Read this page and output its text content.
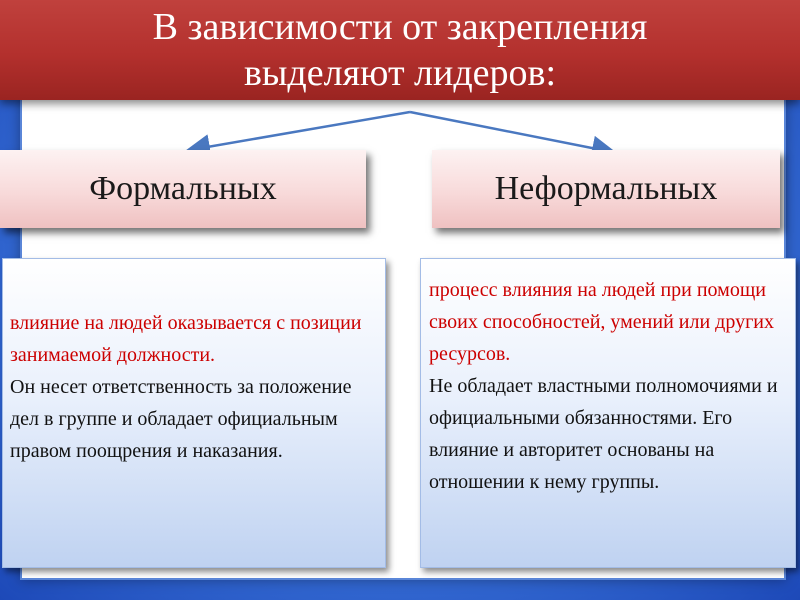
В зависимости от закрепления
выделяют лидеров:
Формальных	Неформальных
влияние на людей оказывается с позиции занимаемой должности.
Он несет ответственность за положение дел в группе и обладает официальным правом поощрения и наказания.
процесс влияния на людей при помощи своих способностей, умений или других ресурсов.
Не обладает властными полномочиями и официальными обязанностями. Его влияние и авторитет основаны на отношении к нему группы.
